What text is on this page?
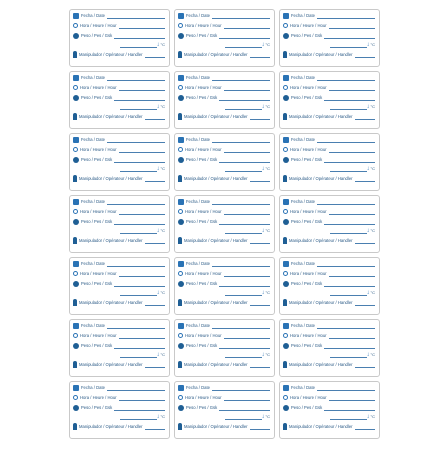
Fecha / Date
Hora / Heure / Hour
Peso / Pes / Gsk
↓ °C
Manipulador / Opérateur / Handler
Fecha / Date
Hora / Heure / Hour
Peso / Pes / Gsk
↓ °C
Manipulador / Opérateur / Handler
Fecha / Date
Hora / Heure / Hour
Peso / Pes / Gsk
↓ °C
Manipulador / Opérateur / Handler
Fecha / Date
Hora / Heure / Hour
Peso / Pes / Gsk
↓ °C
Manipulador / Opérateur / Handler
Fecha / Date
Hora / Heure / Hour
Peso / Pes / Gsk
↓ °C
Manipulador / Opérateur / Handler
Fecha / Date
Hora / Heure / Hour
Peso / Pes / Gsk
↓ °C
Manipulador / Opérateur / Handler
Fecha / Date
Hora / Heure / Hour
Peso / Pes / Gsk
↓ °C
Manipulador / Opérateur / Handler
Fecha / Date
Hora / Heure / Hour
Peso / Pes / Gsk
↓ °C
Manipulador / Opérateur / Handler
Fecha / Date
Hora / Heure / Hour
Peso / Pes / Gsk
↓ °C
Manipulador / Opérateur / Handler
Fecha / Date
Hora / Heure / Hour
Peso / Pes / Gsk
↓ °C
Manipulador / Opérateur / Handler
Fecha / Date
Hora / Heure / Hour
Peso / Pes / Gsk
↓ °C
Manipulador / Opérateur / Handler
Fecha / Date
Hora / Heure / Hour
Peso / Pes / Gsk
↓ °C
Manipulador / Opérateur / Handler
Fecha / Date
Hora / Heure / Hour
Peso / Pes / Gsk
↓ °C
Manipulador / Opérateur / Handler
Fecha / Date
Hora / Heure / Hour
Peso / Pes / Gsk
↓ °C
Manipulador / Opérateur / Handler
Fecha / Date
Hora / Heure / Hour
Peso / Pes / Gsk
↓ °C
Manipulador / Opérateur / Handler
Fecha / Date
Hora / Heure / Hour
Peso / Pes / Gsk
↓ °C
Manipulador / Opérateur / Handler
Fecha / Date
Hora / Heure / Hour
Peso / Pes / Gsk
↓ °C
Manipulador / Opérateur / Handler
Fecha / Date
Hora / Heure / Hour
Peso / Pes / Gsk
↓ °C
Manipulador / Opérateur / Handler
Fecha / Date
Hora / Heure / Hour
Peso / Pes / Gsk
↓ °C
Manipulador / Opérateur / Handler
Fecha / Date
Hora / Heure / Hour
Peso / Pes / Gsk
↓ °C
Manipulador / Opérateur / Handler
Fecha / Date
Hora / Heure / Hour
Peso / Pes / Gsk
↓ °C
Manipulador / Opérateur / Handler
